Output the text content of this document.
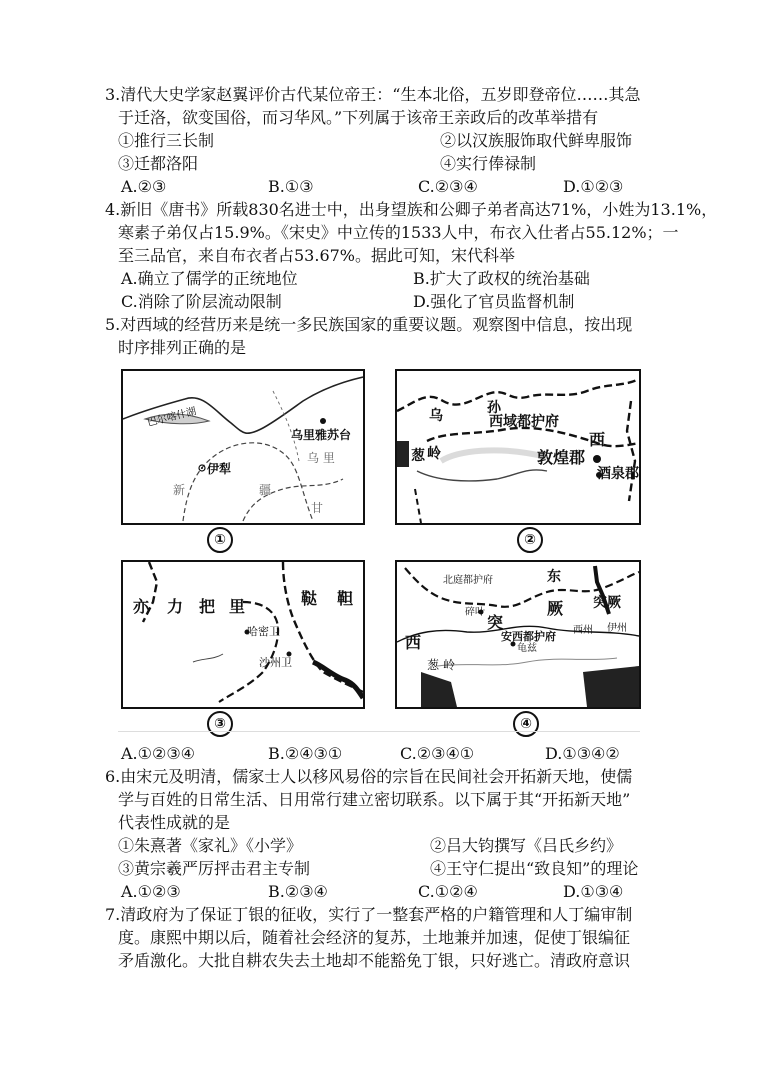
3.清代大史学家赵翼评价古代某位帝王：“生本北俗，五岁即登帝位……其急
于迁洛，欲变国俗，而习华风。”下列属于该帝王亲政后的改革举措有
①推行三长制	②以汉族服饰取代鲜卑服饰
③迁都洛阳	④实行俸禄制
A.②③	B.①③	C.②③④	D.①②③
4.新旧《唐书》所载830名进士中，出身望族和公卿子弟者高达71%，小姓为13.1%，
寒素子弟仅占15.9%。《宋史》中立传的1533人中，布衣入仕者占55.12%；一
至三品官，来自布衣者占53.67%。据此可知，宋代科举
A.确立了儒学的正统地位	B.扩大了政权的统治基础
C.消除了阶层流动限制	D.强化了官员监督机制
5.对西域的经营历来是统一多民族国家的重要议题。观察图中信息，按出现
时序排列正确的是
巴尔喀什湖
乌里雅苏台
伊犁
乌 里
新	疆
甘
①
乌	孙
西域都护府
西
敦煌郡
酒泉郡
葱 岭
②
亦 力 把 里	鞑 靼
哈密卫
沙州卫
③
北庭都护府
西
突
厥
安西都护府
葱 岭
碎叶
龟兹
东
突厥
西州 伊州
④
A.①②③④	B.②④③①	C.②③④①	D.①③④②
6.由宋元及明清，儒家士人以移风易俗的宗旨在民间社会开拓新天地，使儒
学与百姓的日常生活、日用常行建立密切联系。以下属于其“开拓新天地”
代表性成就的是
①朱熹著《家礼》《小学》	②吕大钧撰写《吕氏乡约》
③黄宗羲严厉抨击君主专制	④王守仁提出“致良知”的理论
A.①②③	B.②③④	C.①②④	D.①③④
7.清政府为了保证丁银的征收，实行了一整套严格的户籍管理和人丁编审制
度。康熙中期以后，随着社会经济的复苏，土地兼并加速，促使丁银编征
矛盾激化。大批自耕农失去土地却不能豁免丁银，只好逃亡。清政府意识
